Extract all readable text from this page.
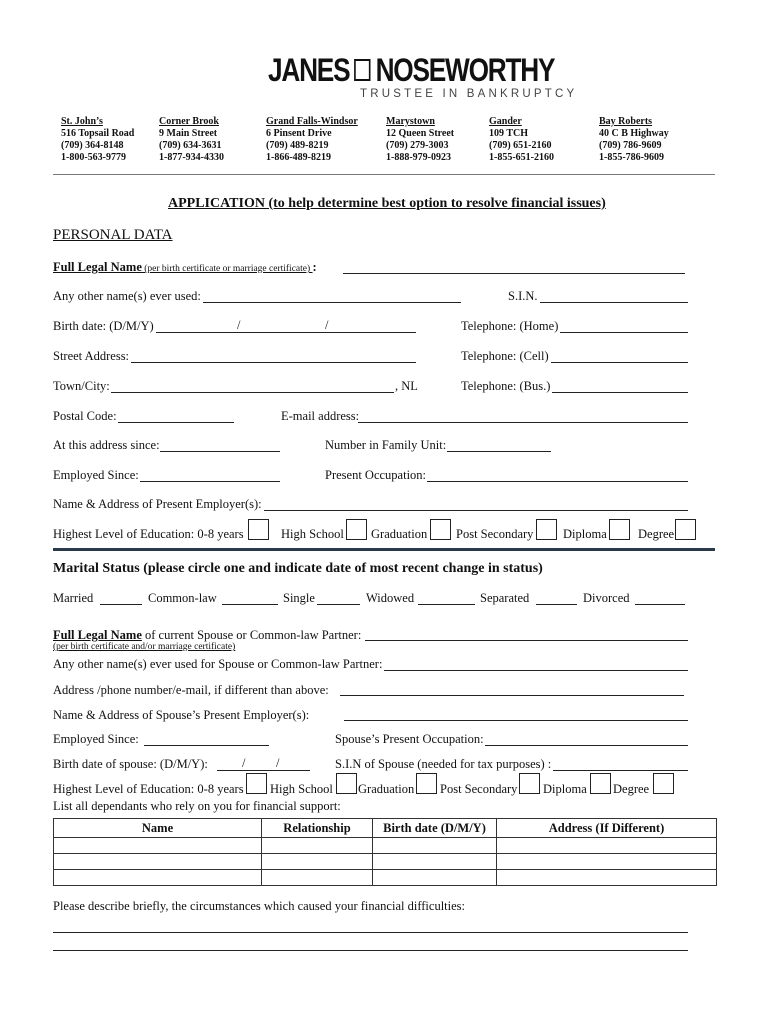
JANES NOSEWORTHY
TRUSTEE IN BANKRUPTCY
St. John’s
516 Topsail Road
(709) 364-8148
1-800-563-9779
Corner Brook
9 Main Street
(709) 634-3631
1-877-934-4330
Grand Falls-Windsor
6 Pinsent Drive
(709) 489-8219
1-866-489-8219
Marystown
12 Queen Street
(709) 279-3003
1-888-979-0923
Gander
109 TCH
(709) 651-2160
1-855-651-2160
Bay Roberts
40 C B Highway
(709) 786-9609
1-855-786-9609
APPLICATION (to help determine best option to resolve financial issues)
PERSONAL DATA
Full Legal Name (per birth certificate or marriage certificate) :
Any other name(s) ever used:	S.I.N.
Birth date: (D/M/Y)	/	/	Telephone: (Home)
Street Address:	Telephone: (Cell)
Town/City:	, NL	Telephone: (Bus.)
Postal Code:	E-mail address:
At this address since:	Number in Family Unit:
Employed Since:	Present Occupation:
Name & Address of Present Employer(s):
Highest Level of Education: 0-8 years	High School Graduation Post Secondary Diploma	Degree
Marital Status (please circle one and indicate date of most recent change in status)
Married	Common-law	Single	Widowed	Separated	Divorced
Full Legal Name of current Spouse or Common-law Partner:
(per birth certificate and/or marriage certificate)
Any other name(s) ever used for Spouse or Common-law Partner:
Address /phone number/e-mail, if different than above:
Name & Address of Spouse’s Present Employer(s):
Employed Since:	Spouse’s Present Occupation:
Birth date of spouse: (D/M/Y):	/ /	S.I.N of Spouse (needed for tax purposes) :
Highest Level of Education: 0-8 years High School Graduation Post Secondary Diploma Degree
List all dependants who rely on you for financial support:
Name	Relationship	Birth date (D/M/Y)	Address (If Different)

Please describe briefly, the circumstances which caused your financial difficulties:
